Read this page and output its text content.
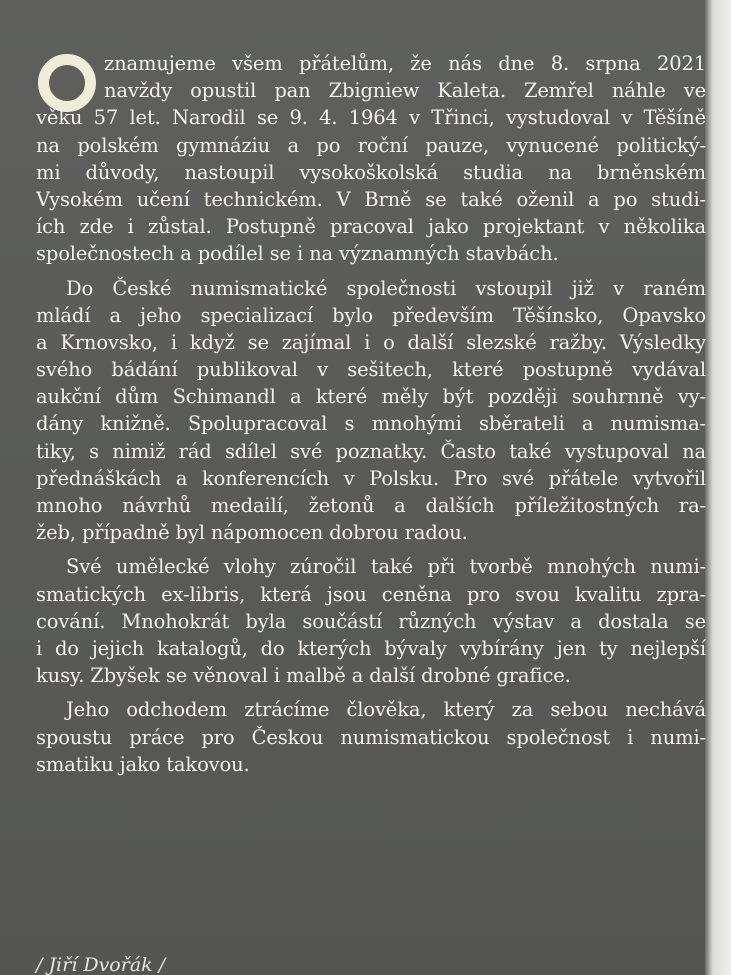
znamujeme všem přátelům, že nás dne 8. srpna 2021
navždy opustil pan Zbigniew Kaleta. Zemřel náhle ve
věku 57 let. Narodil se 9. 4. 1964 v Třinci, vystudoval v Těšíně
na polském gymnáziu a po roční pauze, vynucené politický-
mi důvody, nastoupil vysokoškolská studia na brněnském
Vysokém učení technickém. V Brně se také oženil a po studi-
ích zde i zůstal. Postupně pracoval jako projektant v několika
společnostech a podílel se i na významných stavbách.
Do České numismatické společnosti vstoupil již v raném
mládí a jeho specializací bylo především Těšínsko, Opavsko
a Krnovsko, i když se zajímal i o další slezské ražby. Výsledky
svého bádání publikoval v sešitech, které postupně vydával
aukční dům Schimandl a které měly být později souhrnně vy-
dány knižně. Spolupracoval s mnohými sběrateli a numisma-
tiky, s nimiž rád sdílel své poznatky. Často také vystupoval na
přednáškách a konferencích v Polsku. Pro své přátele vytvořil
mnoho návrhů medailí, žetonů a dalších příležitostných ra-
žeb, případně byl nápomocen dobrou radou.
Své umělecké vlohy zúročil také při tvorbě mnohých numi-
smatických ex-libris, která jsou ceněna pro svou kvalitu zpra-
cování. Mnohokrát byla součástí různých výstav a dostala se
i do jejich katalogů, do kterých bývaly vybírány jen ty nejlepší
kusy. Zbyšek se věnoval i malbě a další drobné grafice.
Jeho odchodem ztrácíme člověka, který za sebou nechává
spoustu práce pro Českou numismatickou společnost i numi-
smatiku jako takovou.
/ Jiří Dvořák /
